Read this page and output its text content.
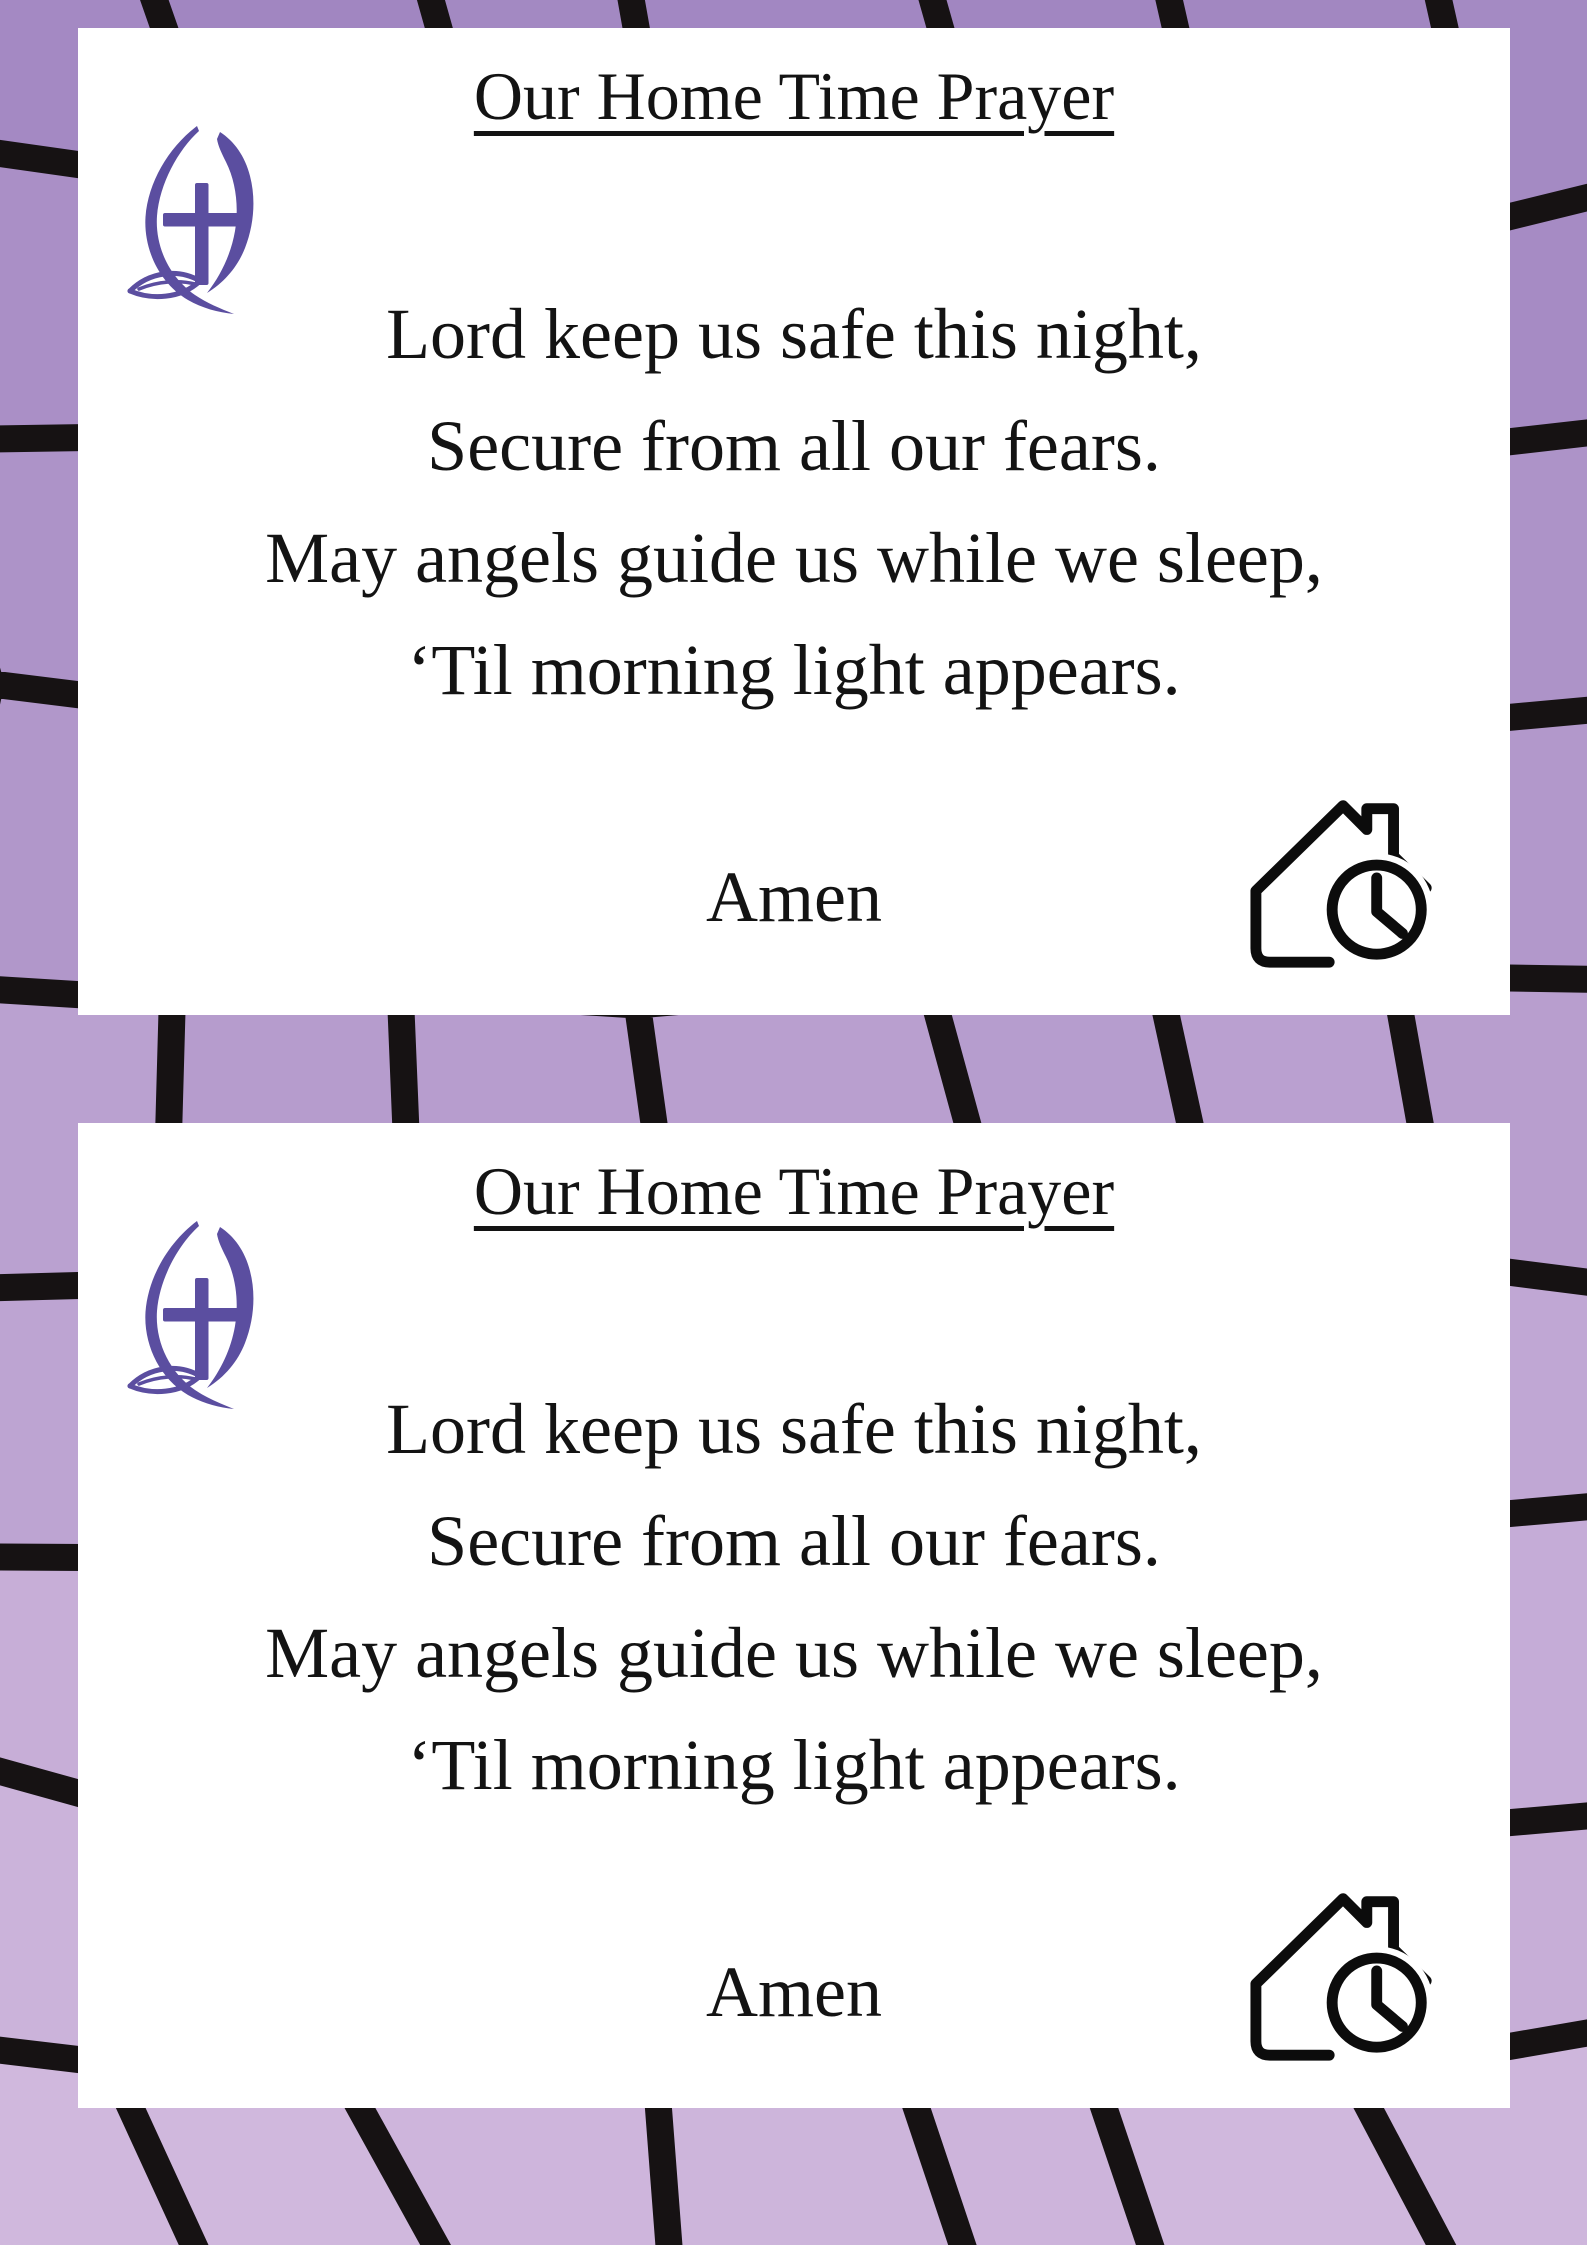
Our Home Time Prayer
Lord keep us safe this night,
Secure from all our fears.
May angels guide us while we sleep,
‘Til morning light appears.
Amen
Our Home Time Prayer
Lord keep us safe this night,
Secure from all our fears.
May angels guide us while we sleep,
‘Til morning light appears.
Amen
